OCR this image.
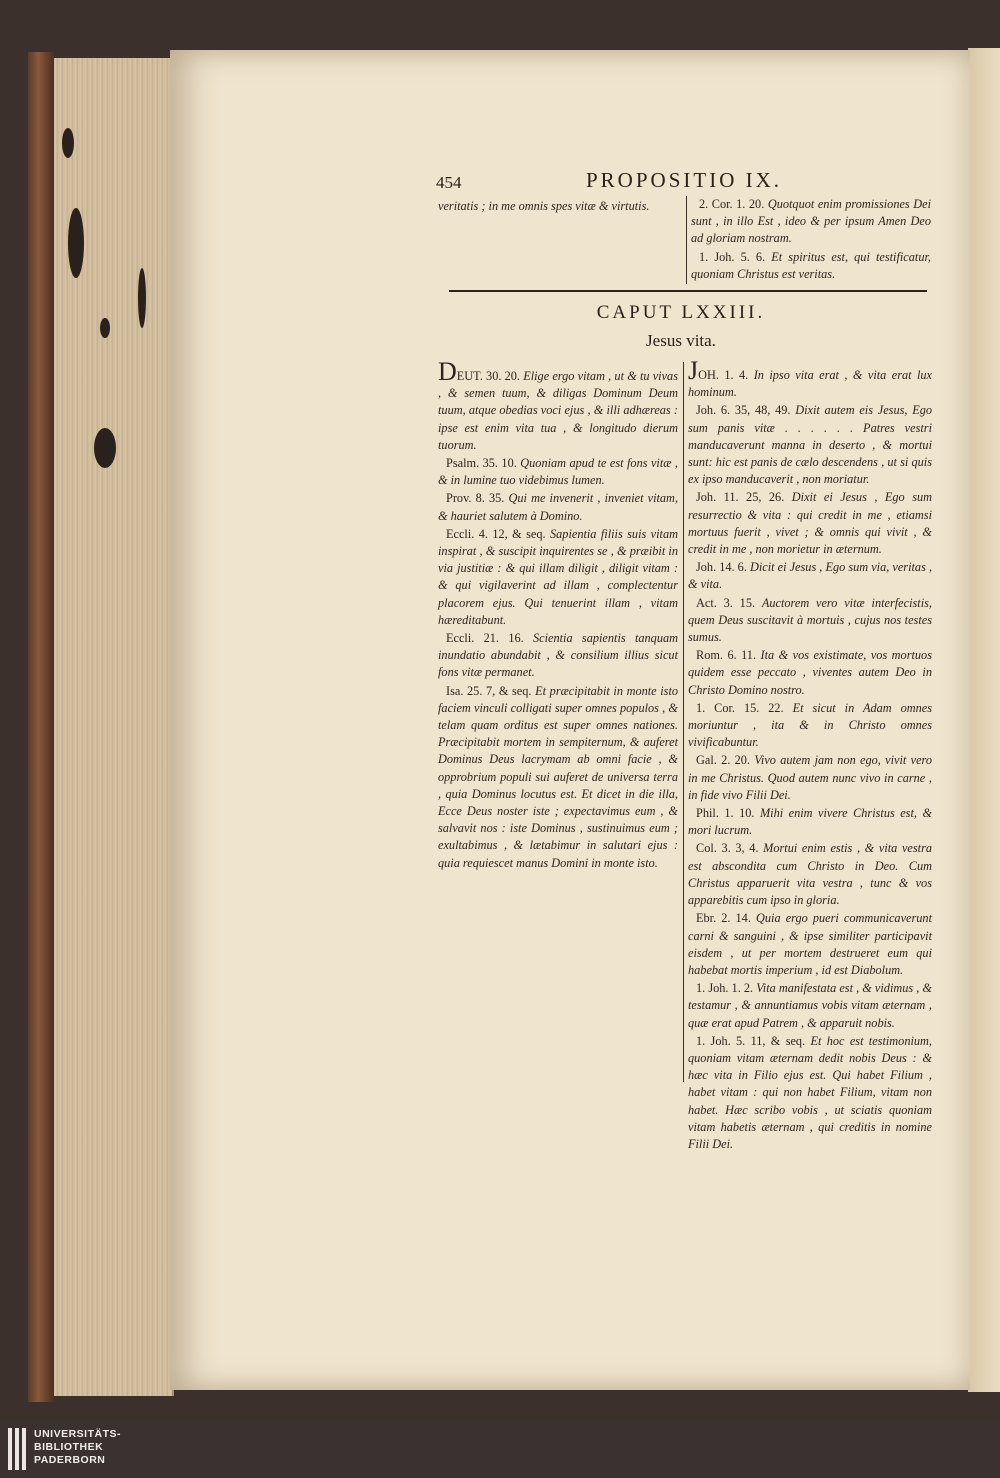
454	PROPOSITIO IX.
veritatis ; in me omnis spes vitæ & virtutis.	2. Cor. 1. 20. Quotquot enim promissiones Dei sunt , in illo Est , ideo & per ipsum Amen Deo ad gloriam nostram.

1. Joh. 5. 6. Et spiritus est, qui testificatur, quoniam Christus est veritas.

CAPUT LXXIII.
Jesus vita.

DEUT. 30. 20. Elige ergo vitam , ut & tu vivas , & semen tuum, & diligas Dominum Deum tuum, atque obedias voci ejus , & illi adhæreas : ipse est enim vita tua , & longitudo dierum tuorum.

Psalm. 35. 10. Quoniam apud te est fons vitæ , & in lumine tuo videbimus lumen.

Prov. 8. 35. Qui me invenerit , inveniet vitam, & hauriet salutem à Domino.

Eccli. 4. 12, & seq. Sapientia filiis suis vitam inspirat , & suscipit inquirentes se , & præibit in via justitiæ : & qui illam diligit , diligit vitam : & qui vigilaverint ad illam , complectentur placorem ejus. Qui tenuerint illam , vitam hæreditabunt.

Eccli. 21. 16. Scientia sapientis tanquam inundatio abundabit , & consilium illius sicut fons vitæ permanet.

Isa. 25. 7, & seq. Et præcipitabit in monte isto faciem vinculi colligati super omnes populos , & telam quam orditus est super omnes nationes. Præcipitabit mortem in sempiternum, & auferet Dominus Deus lacrymam ab omni facie , & opprobrium populi sui auferet de universa terra , quia Dominus locutus est. Et dicet in die illa, Ecce Deus noster iste ; expectavimus eum , & salvavit nos : iste Dominus , sustinuimus eum ; exultabimus , & lætabimur in salutari ejus : quia requiescet manus Domini in monte isto.

JOH. 1. 4. In ipso vita erat , & vita erat lux hominum.

Joh. 6. 35, 48, 49. Dixit autem eis Jesus, Ego sum panis vitæ . . . . . . Patres vestri manducaverunt manna in deserto , & mortui sunt: hic est panis de cælo descendens , ut si quis ex ipso manducaverit , non moriatur.

Joh. 11. 25, 26. Dixit ei Jesus , Ego sum resurrectio & vita : qui credit in me , etiamsi mortuus fuerit , vivet ; & omnis qui vivit , & credit in me , non morietur in æternum.

Joh. 14. 6. Dicit ei Jesus , Ego sum via, veritas , & vita.

Act. 3. 15. Auctorem vero vitæ interfecistis, quem Deus suscitavit à mortuis , cujus nos testes sumus.

Rom. 6. 11. Ita & vos existimate, vos mortuos quidem esse peccato , viventes autem Deo in Christo Domino nostro.

1. Cor. 15. 22. Et sicut in Adam omnes moriuntur , ita & in Christo omnes vivificabuntur.

Gal. 2. 20. Vivo autem jam non ego, vivit vero in me Christus. Quod autem nunc vivo in carne , in fide vivo Filii Dei.

Phil. 1. 10. Mihi enim vivere Christus est, & mori lucrum.

Col. 3. 3, 4. Mortui enim estis , & vita vestra est abscondita cum Christo in Deo. Cum Christus apparuerit vita vestra , tunc & vos apparebitis cum ipso in gloria.

Ebr. 2. 14. Quia ergo pueri communicaverunt carni & sanguini , & ipse similiter participavit eisdem , ut per mortem destrueret eum qui habebat mortis imperium , id est Diabolum.

1. Joh. 1. 2. Vita manifestata est , & vidimus , & testamur , & annuntiamus vobis vitam æternam , quæ erat apud Patrem , & apparuit nobis.

1. Joh. 5. 11, & seq. Et hoc est testimonium, quoniam vitam æternam dedit nobis Deus : & hæc vita in Filio ejus est. Qui habet Filium , habet vitam : qui non habet Filium, vitam non habet. Hæc scribo vobis , ut sciatis quoniam vitam habetis æternam , qui creditis in nomine Filii Dei.

UNIVERSITÄTS-
BIBLIOTHEK
PADERBORN
